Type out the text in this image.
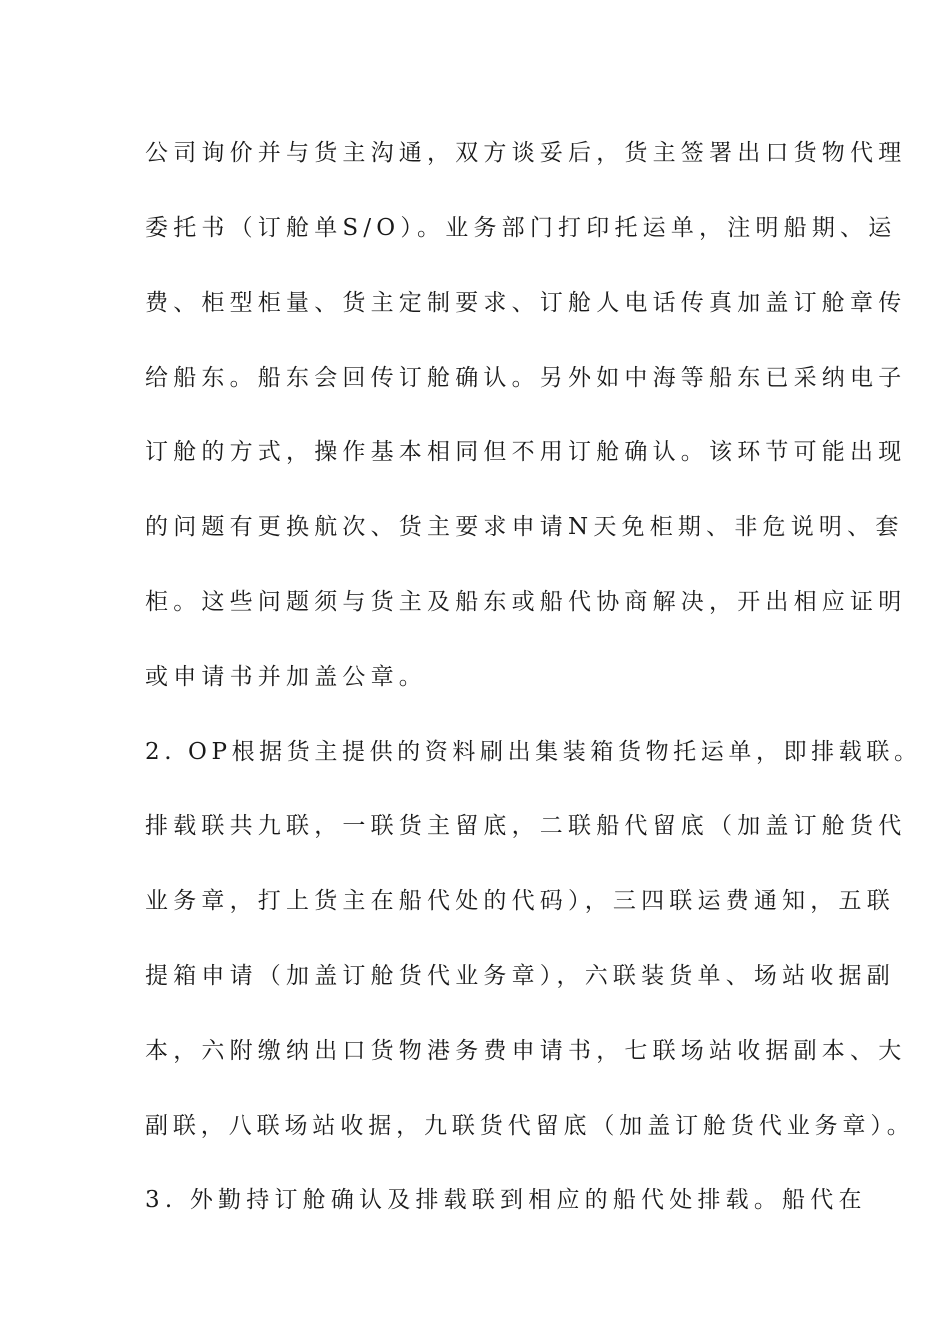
公司询价并与货主沟通，双方谈妥后，货主签署出口货物代理
委托书（订舱单S/O）。业务部门打印托运单，注明船期、运
费、柜型柜量、货主定制要求、订舱人电话传真加盖订舱章传
给船东。船东会回传订舱确认。另外如中海等船东已采纳电子
订舱的方式，操作基本相同但不用订舱确认。该环节可能出现
的问题有更换航次、货主要求申请N天免柜期、非危说明、套
柜。这些问题须与货主及船东或船代协商解决，开出相应证明
或申请书并加盖公章。
2. OP根据货主提供的资料刷出集装箱货物托运单，即排载联。
排载联共九联，一联货主留底，二联船代留底（加盖订舱货代
业务章，打上货主在船代处的代码），三四联运费通知，五联
提箱申请（加盖订舱货代业务章），六联装货单、场站收据副
本，六附缴纳出口货物港务费申请书，七联场站收据副本、大
副联，八联场站收据，九联货代留底（加盖订舱货代业务章）。
3. 外勤持订舱确认及排载联到相应的船代处排载。船代在
